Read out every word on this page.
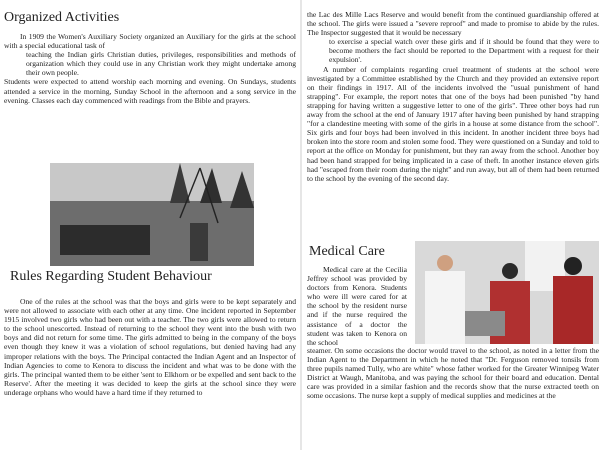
Organized Activities

In 1909 the Women's Auxiliary Society organized an Auxiliary for the girls at the school with a special educational task of

teaching the Indian girls Christian duties, privileges, responsibilities and methods of organization which they could use in any Christian work they might undertake among their own people.

Students were expected to attend worship each morning and evening. On Sundays, students attended a service in the morning, Sunday School in the afternoon and a song service in the evening. Classes each day commenced with readings from the Bible and prayers.

Rules Regarding Student Behaviour

One of the rules at the school was that the boys and girls were to be kept separately and were not allowed to associate with each other at any time. One incident reported in September 1915 involved two girls who had been out with a teacher. The two girls were allowed to return to the school unescorted. Instead of returning to the school they went into the bush with two boys and did not return for some time. The girls admitted to being in the company of the boys even though they knew it was a violation of school regulations, but denied having had any improper relations with the boys. The Principal contacted the Indian Agent and an Inspector of Indian Agencies to come to Kenora to discuss the incident and what was to be done with the girls. The principal wanted them to be either 'sent to Elkhorn or be expelled and sent back to the Reserve'. After the meeting it was decided to keep the girls at the school since they were underage orphans who would have a hard time if they returned to

the Lac des Mille Lacs Reserve and would benefit from the continued guardianship offered at the school. The girls were issued a "severe reproof" and made to promise to abide by the rules. The Inspector suggested that it would be necessary

to exercise a special watch over these girls and if it should be found that they were to become mothers the fact should be reported to the Department with a request for their expulsion'.

A number of complaints regarding cruel treatment of students at the school were investigated by a Committee established by the Church and they provided an extensive report on their findings in 1917. All of the incidents involved the "usual punishment of hand strapping". For example, the report notes that one of the boys had been punished "by hand strapping for having written a suggestive letter to one of the girls". Three other boys had run away from the school at the end of January 1917 after having been punished by hand strapping "for a clandestine meeting with some of the girls in a house at some distance from the school". Six girls and four boys had been involved in this incident. In another incident three boys had broken into the store room and stolen some food. They were questioned on a Sunday and told to report at the office on Monday for punishment, but they ran away from the school. Another boy had been hand strapped for being implicated in a case of theft. In another instance eleven girls had "escaped from their room during the night" and run away, but all of them had been returned to the school by the evening of the second day.

Medical Care

Medical care at the Cecilia Jeffrey school was provided by doctors from Kenora. Students who were ill were cared for at the school by the resident nurse and if the nurse required the assistance of a doctor the student was taken to Kenora on the school

steamer. On some occasions the doctor would travel to the school, as noted in a letter from the Indian Agent to the Department in which he noted that "Dr. Ferguson removed tonsils from three pupils named Tully, who are white" whose father worked for the Greater Winnipeg Water District at Waugh, Manitoba, and was paying the school for their board and education. Dental care was provided in a similar fashion and the records show that the nurse extracted teeth on some occasions. The nurse kept a supply of medical supplies and medicines at the
